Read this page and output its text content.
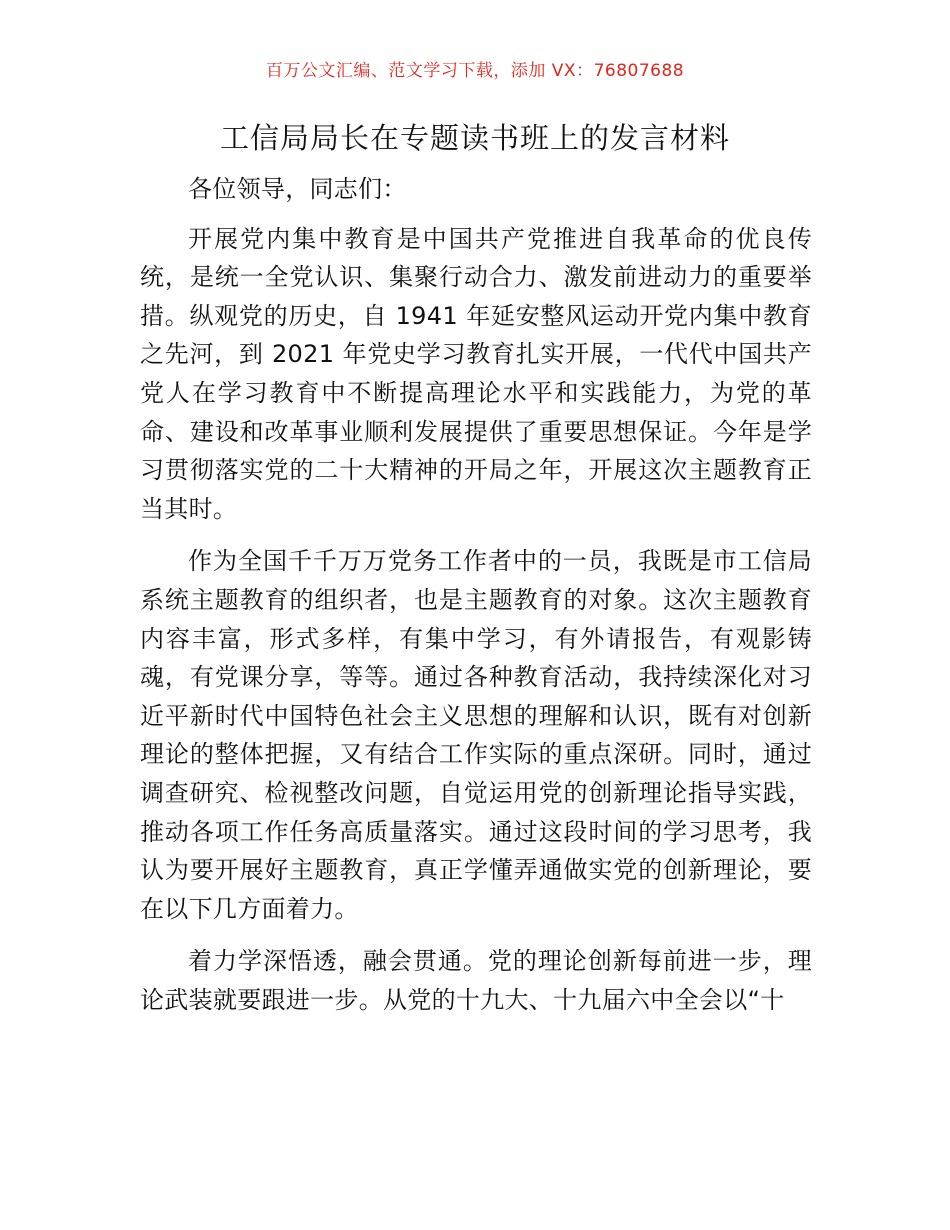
百万公文汇编、范文学习下载，添加 VX：76807688
工信局局长在专题读书班上的发言材料

各位领导，同志们：

开展党内集中教育是中国共产党推进自我革命的优良传统，是统一全党认识、集聚行动合力、激发前进动力的重要举措。纵观党的历史，自 1941 年延安整风运动开党内集中教育之先河，到 2021 年党史学习教育扎实开展，一代代中国共产党人在学习教育中不断提高理论水平和实践能力，为党的革命、建设和改革事业顺利发展提供了重要思想保证。今年是学习贯彻落实党的二十大精神的开局之年，开展这次主题教育正当其时。

作为全国千千万万党务工作者中的一员，我既是市工信局系统主题教育的组织者，也是主题教育的对象。这次主题教育内容丰富，形式多样，有集中学习，有外请报告，有观影铸魂，有党课分享，等等。通过各种教育活动，我持续深化对习近平新时代中国特色社会主义思想的理解和认识，既有对创新理论的整体把握，又有结合工作实际的重点深研。同时，通过调查研究、检视整改问题，自觉运用党的创新理论指导实践，推动各项工作任务高质量落实。通过这段时间的学习思考，我认为要开展好主题教育，真正学懂弄通做实党的创新理论，要在以下几方面着力。

着力学深悟透，融会贯通。党的理论创新每前进一步，理论武装就要跟进一步。从党的十九大、十九届六中全会以“十
